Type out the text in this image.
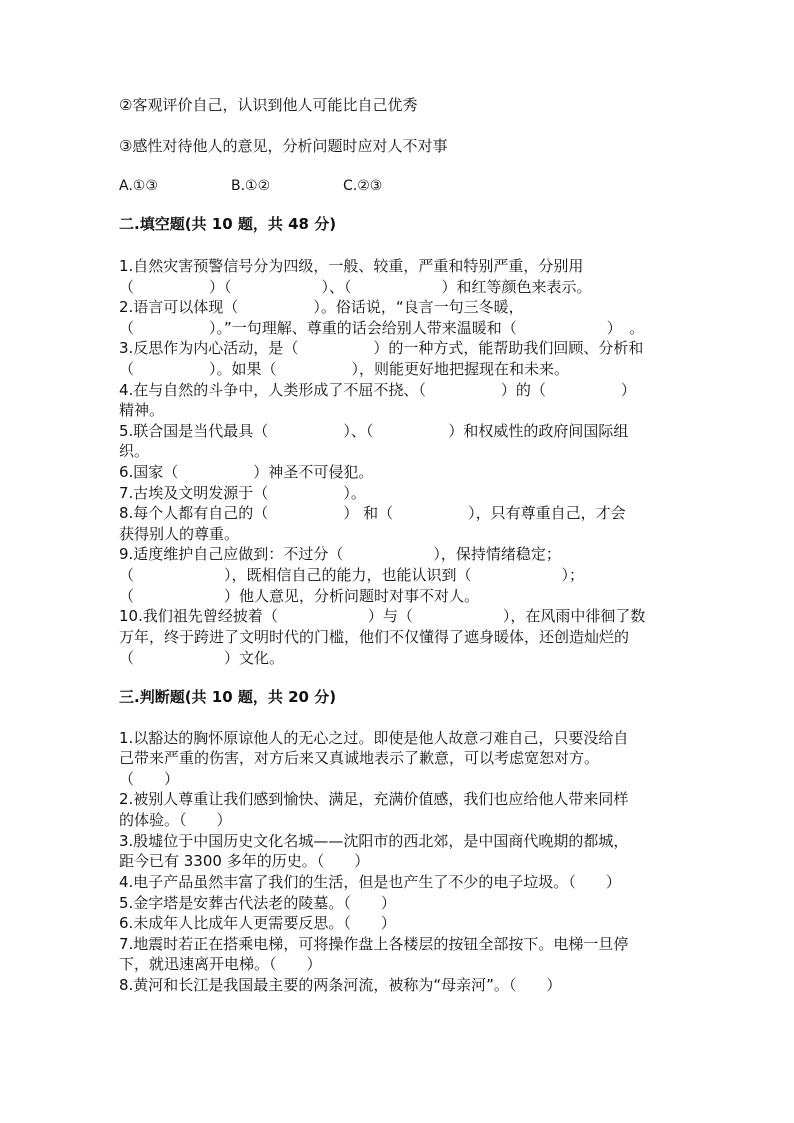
②客观评价自己，认识到他人可能比自己优秀
③感性对待他人的意见，分析问题时应对人不对事
A.①③	B.①②	C.②③
二.填空题(共 10 题，共 48 分)
1.自然灾害预警信号分为四级，一般、较重，严重和特别严重，分别用
（　　　　　）（　　　　　　）、（　　　　　　）和红等颜色来表示。
2.语言可以体现（　　　　　）。俗话说，“良言一句三冬暖，
（　　　　　）。”一句理解、尊重的话会给别人带来温暖和（　　　　　　）　。
3.反思作为内心活动，是（　　　　　）的一种方式，能帮助我们回顾、分析和
（　　　　　）。如果（　　　　　），则能更好地把握现在和未来。
4.在与自然的斗争中，人类形成了不屈不挠、（　　　　　）的（　　　　　）
精神。
5.联合国是当代最具（　　　　　）、（　　　　　）和权威性的政府间国际组
织。
6.国家（　　　　　）神圣不可侵犯。
7.古埃及文明发源于（　　　　　）。
8.每个人都有自己的（　　　　　） 和（　　　　　），只有尊重自己，才会
获得别人的尊重。
9.适度维护自己应做到：不过分（　　　　　　），保持情绪稳定；
（　　　　　　），既相信自己的能力，也能认识到（　　　　　　）；
（　　　　　　）他人意见，分析问题时对事不对人。
10.我们祖先曾经披着（　　　　　　）与（　　　　　　），在风雨中徘徊了数
万年，终于跨进了文明时代的门槛，他们不仅懂得了遮身暖体，还创造灿烂的
（　　　　　　）文化。
三.判断题(共 10 题，共 20 分)
1.以豁达的胸怀原谅他人的无心之过。即使是他人故意刁难自己，只要没给自
己带来严重的伤害，对方后来又真诚地表示了歉意，可以考虑宽恕对方。
（　　）
2.被别人尊重让我们感到愉快、满足，充满价值感，我们也应给他人带来同样
的体验。（　　）
3.殷墟位于中国历史文化名城——沈阳市的西北郊，是中国商代晚期的都城，
距今已有 3300 多年的历史。（　　）
4.电子产品虽然丰富了我们的生活，但是也产生了不少的电子垃圾。（　　）
5.金字塔是安葬古代法老的陵墓。（　　）
6.未成年人比成年人更需要反思。（　　）
7.地震时若正在搭乘电梯，可将操作盘上各楼层的按钮全部按下。电梯一旦停
下，就迅速离开电梯。（　　）
8.黄河和长江是我国最主要的两条河流，被称为“母亲河”。（　　）
